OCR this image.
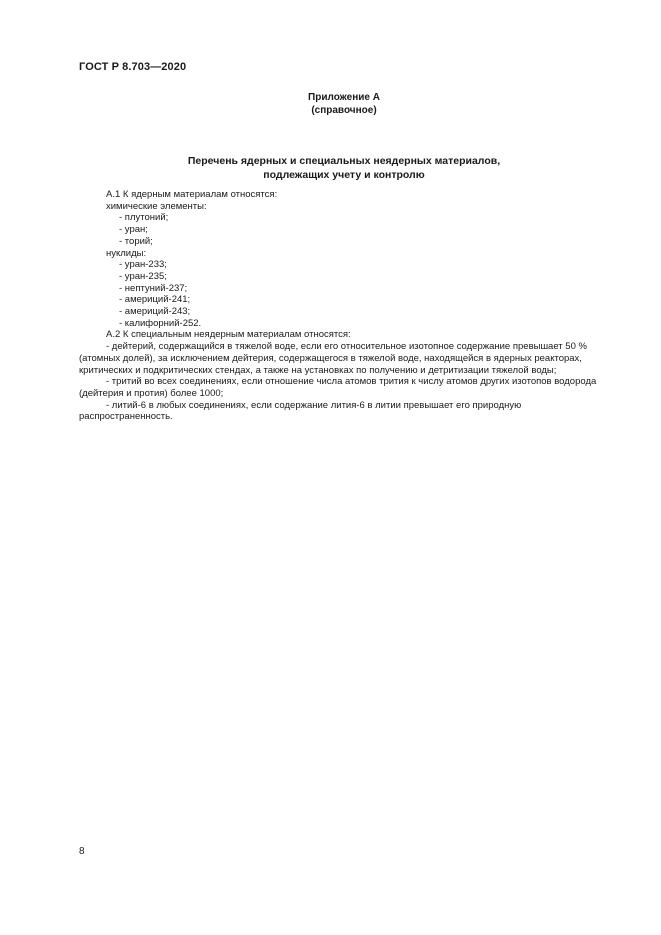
ГОСТ Р 8.703—2020
Приложение А
(справочное)
Перечень ядерных и специальных неядерных материалов,
подлежащих учету и контролю
А.1 К ядерным материалам относятся:
химические элементы:
- плутоний;
- уран;
- торий;
нуклиды:
- уран-233;
- уран-235;
- нептуний-237;
- америций-241;
- америций-243;
- калифорний-252.
А.2 К специальным неядерным материалам относятся:
- дейтерий, содержащийся в тяжелой воде, если его относительное изотопное содержание превышает 50 %
(атомных долей), за исключением дейтерия, содержащегося в тяжелой воде, находящейся в ядерных реакторах,
критических и подкритических стендах, а также на установках по получению и детритизации тяжелой воды;
- тритий во всех соединениях, если отношение числа атомов трития к числу атомов других изотопов водорода
(дейтерия и протия) более 1000;
- литий-6 в любых соединениях, если содержание лития-6 в литии превышает его природную
распространенность.
8
